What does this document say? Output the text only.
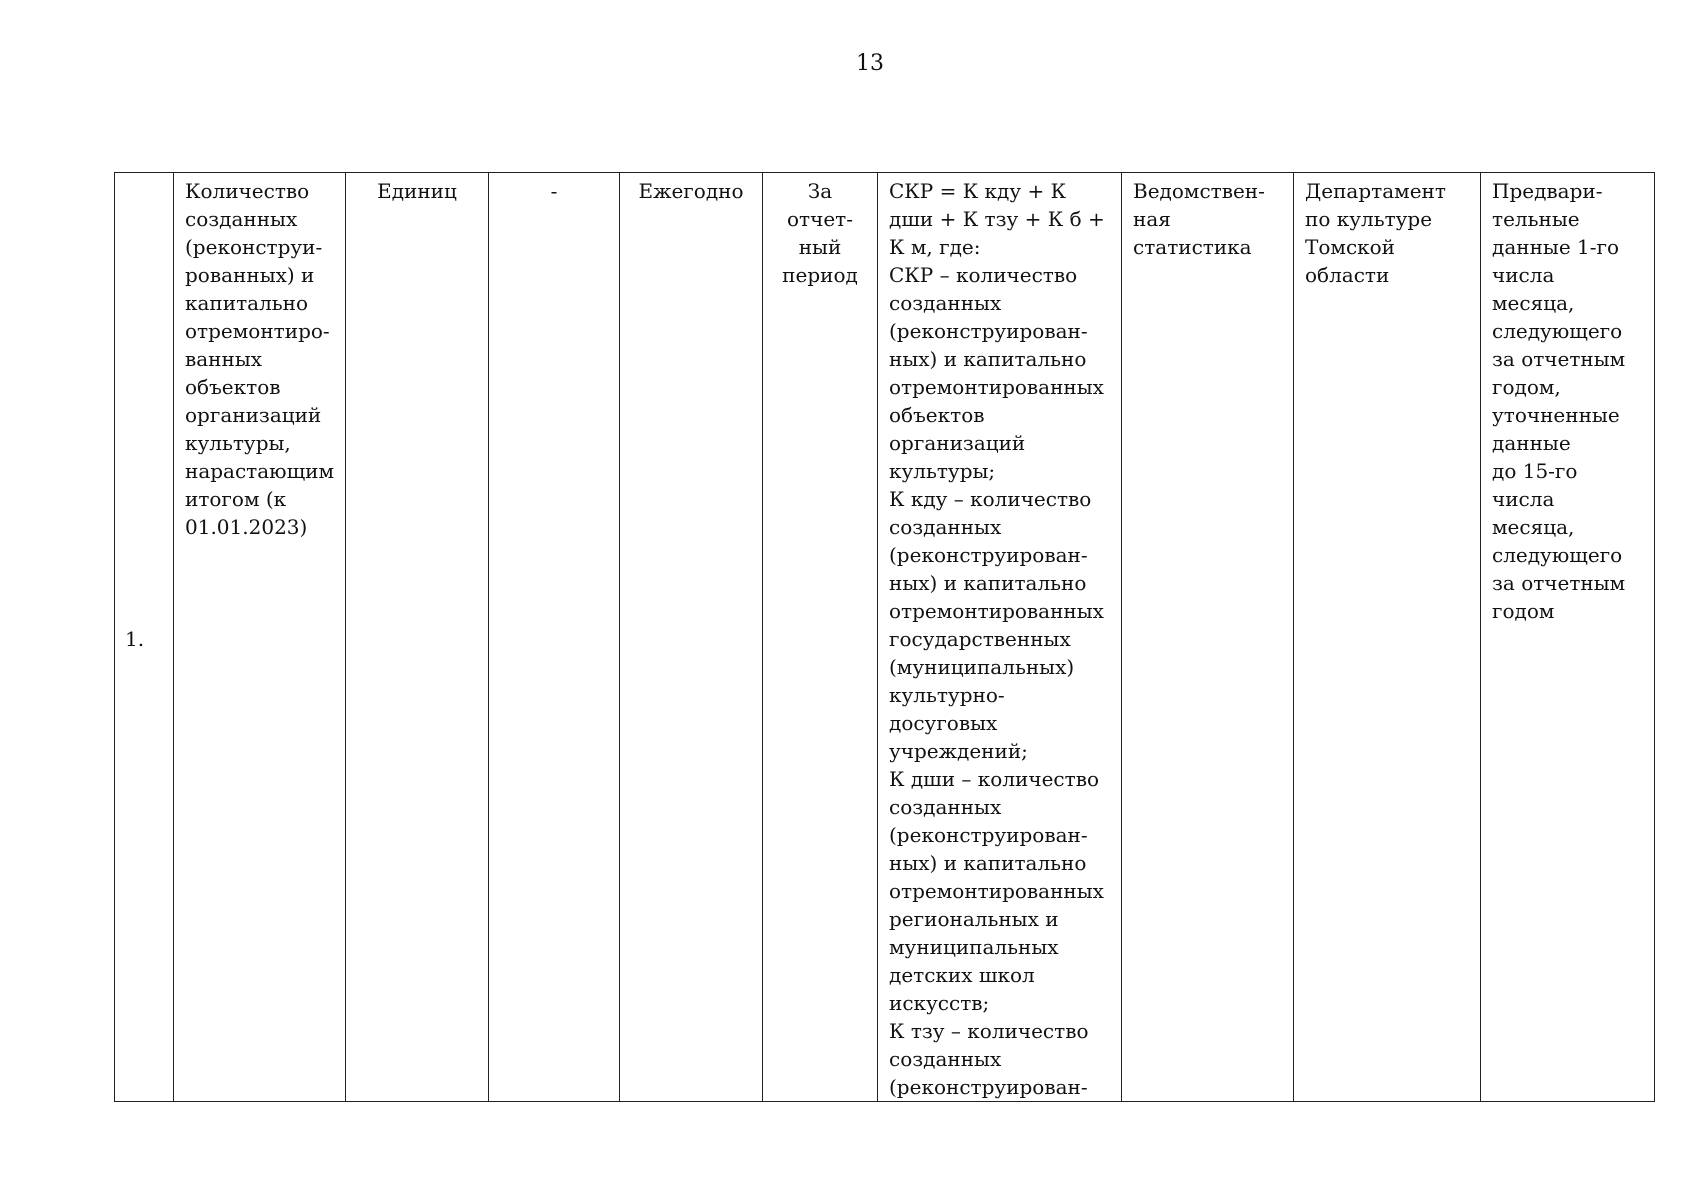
13
1.	Количество
созданных
(реконструи-
рованных) и
капитально
отремонтиро-
ванных
объектов
организаций
культуры,
нарастающим
итогом (к
01.01.2023)	Единиц	-	Ежегодно	За
отчет-
ный
период	СКР = К кду + К
дши + К тзу + К б +
К м, где:
СКР – количество
созданных
(реконструирован-
ных) и капитально
отремонтированных
объектов
организаций
культуры;
К кду – количество
созданных
(реконструирован-
ных) и капитально
отремонтированных
государственных
(муниципальных)
культурно-
досуговых
учреждений;
К дши – количество
созданных
(реконструирован-
ных) и капитально
отремонтированных
региональных и
муниципальных
детских школ
искусств;
К тзу – количество
созданных
(реконструирован-	Ведомствен-
ная
статистика	Департамент
по культуре
Томской
области	Предвари-
тельные
данные 1-го
числа месяца,
следующего
за отчетным
годом,
уточненные
данные
до 15-го числа
месяца,
следующего
за отчетным
годом
